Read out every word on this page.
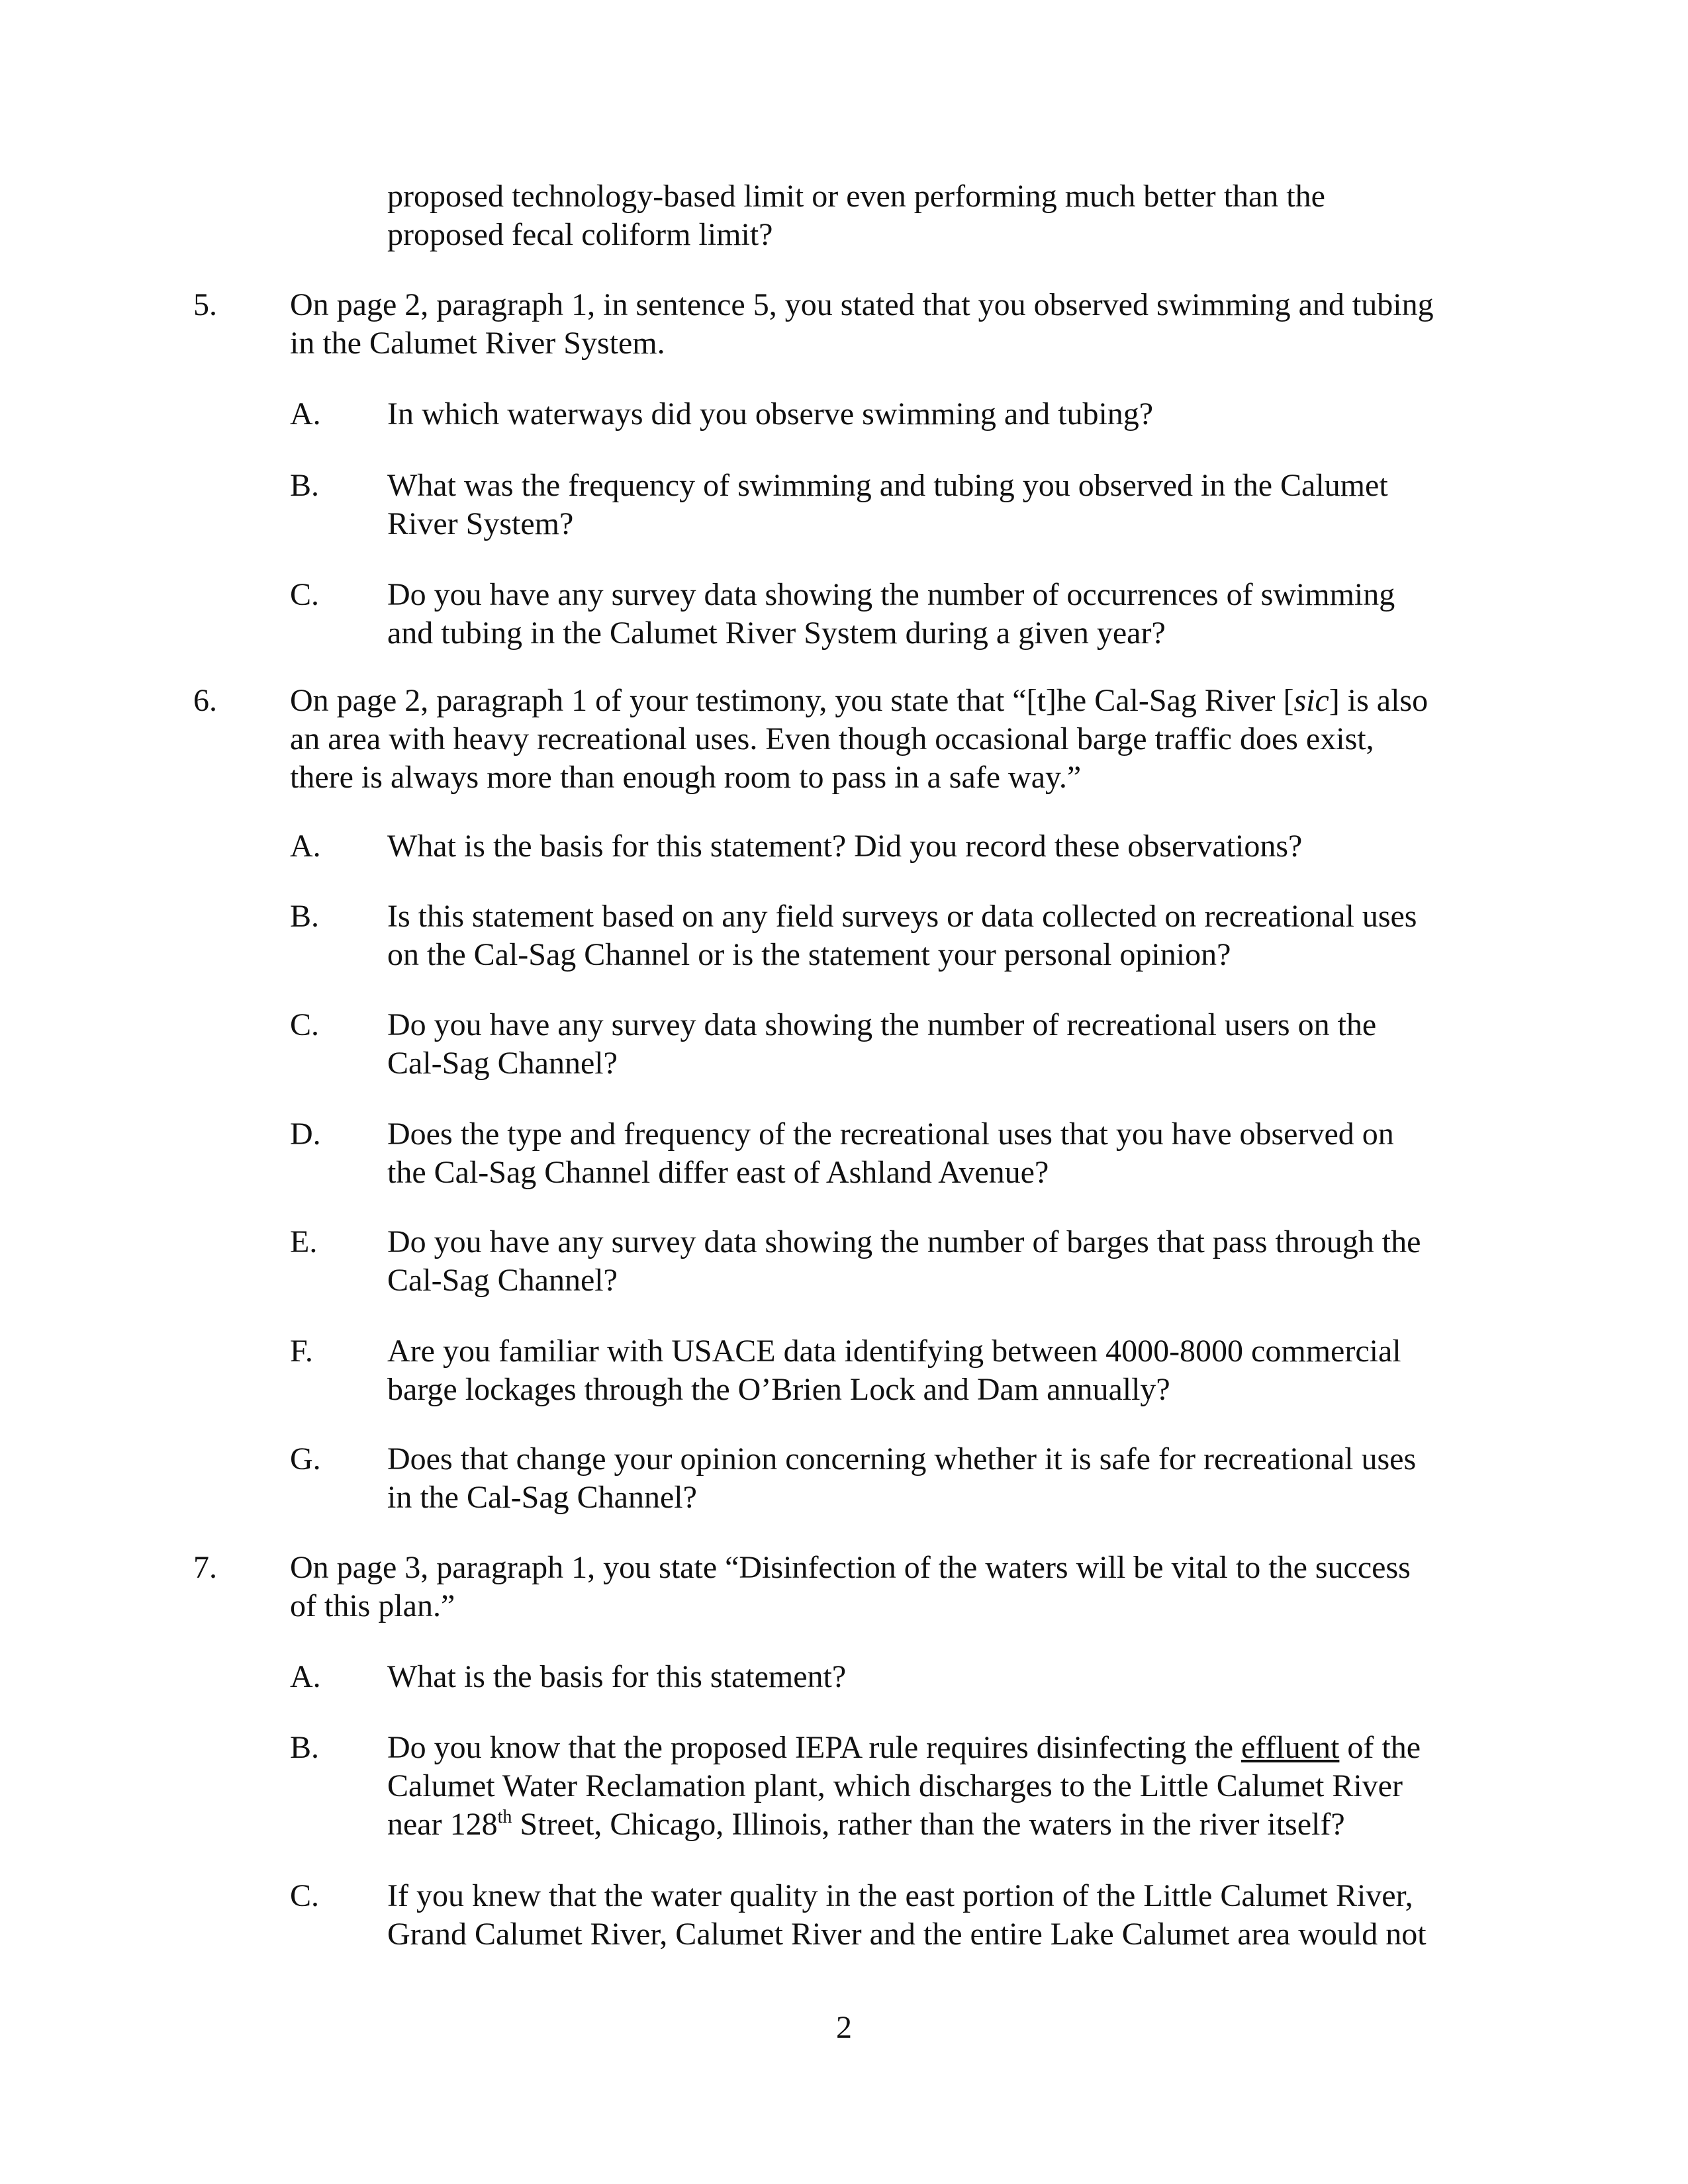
proposed technology-based limit or even performing much better than the
proposed fecal coliform limit?
5. On page 2, paragraph 1, in sentence 5, you stated that you observed swimming and tubing
in the Calumet River System.
A. In which waterways did you observe swimming and tubing?
B. What was the frequency of swimming and tubing you observed in the Calumet
River System?
C. Do you have any survey data showing the number of occurrences of swimming
and tubing in the Calumet River System during a given year?
6. On page 2, paragraph 1 of your testimony, you state that “[t]he Cal-Sag River [sic] is also
an area with heavy recreational uses. Even though occasional barge traffic does exist,
there is always more than enough room to pass in a safe way.”
A. What is the basis for this statement? Did you record these observations?
B. Is this statement based on any field surveys or data collected on recreational uses
on the Cal-Sag Channel or is the statement your personal opinion?
C. Do you have any survey data showing the number of recreational users on the
Cal-Sag Channel?
D. Does the type and frequency of the recreational uses that you have observed on
the Cal-Sag Channel differ east of Ashland Avenue?
E. Do you have any survey data showing the number of barges that pass through the
Cal-Sag Channel?
F. Are you familiar with USACE data identifying between 4000-8000 commercial
barge lockages through the O’Brien Lock and Dam annually?
G. Does that change your opinion concerning whether it is safe for recreational uses
in the Cal-Sag Channel?
7. On page 3, paragraph 1, you state “Disinfection of the waters will be vital to the success
of this plan.”
A. What is the basis for this statement?
B. Do you know that the proposed IEPA rule requires disinfecting the effluent of the
Calumet Water Reclamation plant, which discharges to the Little Calumet River
near 128th Street, Chicago, Illinois, rather than the waters in the river itself?
C. If you knew that the water quality in the east portion of the Little Calumet River,
Grand Calumet River, Calumet River and the entire Lake Calumet area would not
2
